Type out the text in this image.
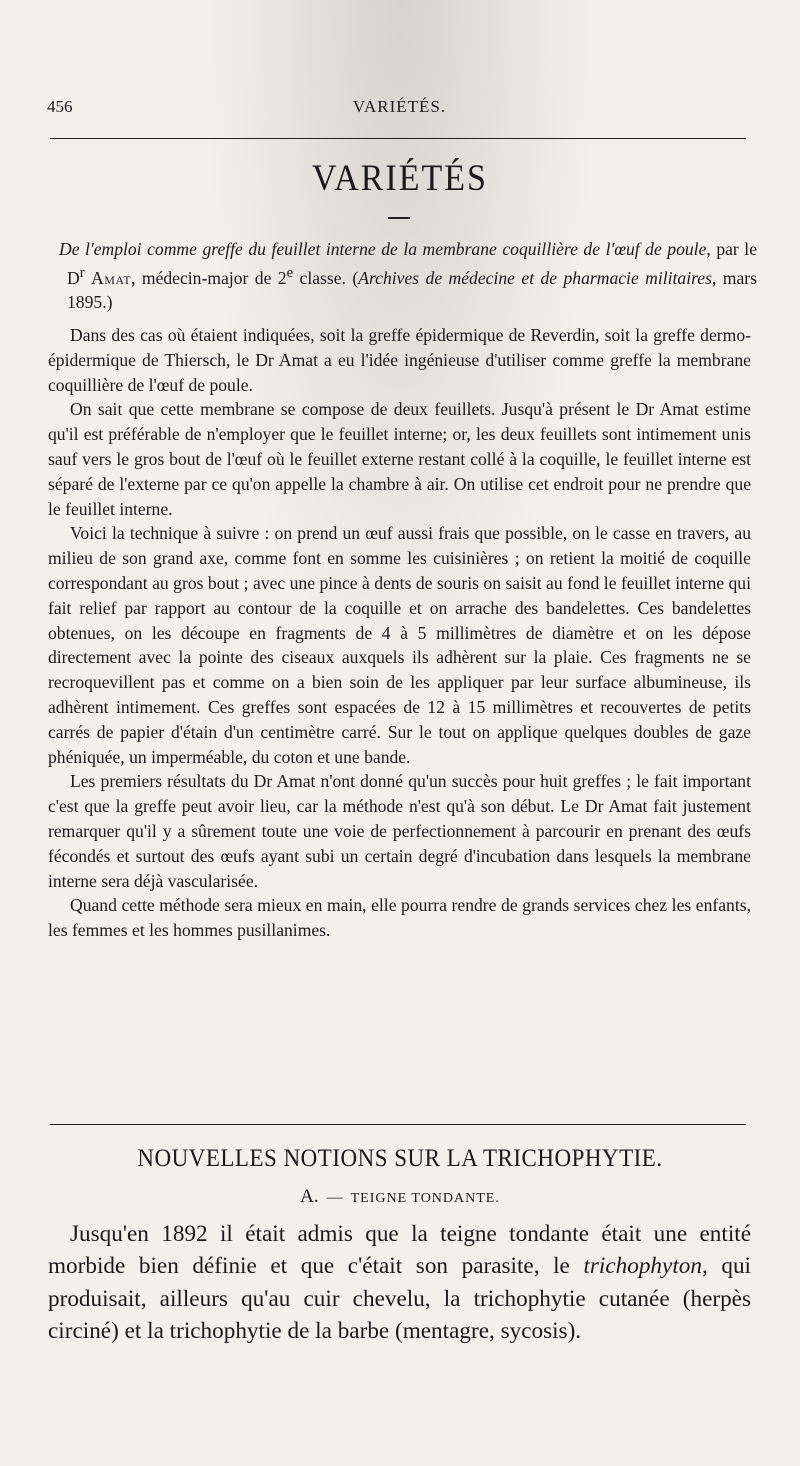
456	VARIÉTÉS.
VARIÉTÉS
De l'emploi comme greffe du feuillet interne de la membrane coquillière de l'œuf de poule, par le $D^r$ Amat, médecin-major de 2e classe. (Archives de médecine et de pharmacie militaires, mars 1895.)

Dans des cas où étaient indiquées, soit la greffe épidermique de Reverdin, soit la greffe dermo-épidermique de Thiersch, le Dr Amat a eu l'idée ingénieuse d'utiliser comme greffe la membrane coquillière de l'œuf de poule.

On sait que cette membrane se compose de deux feuillets. Jusqu'à présent le Dr Amat estime qu'il est préférable de n'employer que le feuillet interne; or, les deux feuillets sont intimement unis sauf vers le gros bout de l'œuf où le feuillet externe restant collé à la coquille, le feuillet interne est séparé de l'externe par ce qu'on appelle la chambre à air. On utilise cet endroit pour ne prendre que le feuillet interne.

Voici la technique à suivre : on prend un œuf aussi frais que possible, on le casse en travers, au milieu de son grand axe, comme font en somme les cuisinières ; on retient la moitié de coquille correspondant au gros bout ; avec une pince à dents de souris on saisit au fond le feuillet interne qui fait relief par rapport au contour de la coquille et on arrache des bandelettes. Ces bandelettes obtenues, on les découpe en fragments de 4 à 5 millimètres de diamètre et on les dépose directement avec la pointe des ciseaux auxquels ils adhèrent sur la plaie. Ces fragments ne se recroquevillent pas et comme on a bien soin de les appliquer par leur surface albumineuse, ils adhèrent intimement. Ces greffes sont espacées de 12 à 15 millimètres et recouvertes de petits carrés de papier d'étain d'un centimètre carré. Sur le tout on applique quelques doubles de gaze phéniquée, un imperméable, du coton et une bande.

Les premiers résultats du Dr Amat n'ont donné qu'un succès pour huit greffes ; le fait important c'est que la greffe peut avoir lieu, car la méthode n'est qu'à son début. Le Dr Amat fait justement remarquer qu'il y a sûrement toute une voie de perfectionnement à parcourir en prenant des œufs fécondés et surtout des œufs ayant subi un certain degré d'incubation dans lesquels la membrane interne sera déjà vascularisée.

Quand cette méthode sera mieux en main, elle pourra rendre de grands services chez les enfants, les femmes et les hommes pusillanimes.

NOUVELLES NOTIONS SUR LA TRICHOPHYTIE.
A. — TEIGNE TONDANTE.

Jusqu'en 1892 il était admis que la teigne tondante était une entité morbide bien définie et que c'était son parasite, le trichophyton, qui produisait, ailleurs qu'au cuir chevelu, la trichophytie cutanée (herpès circiné) et la trichophytie de la barbe (mentagre, sycosis).
